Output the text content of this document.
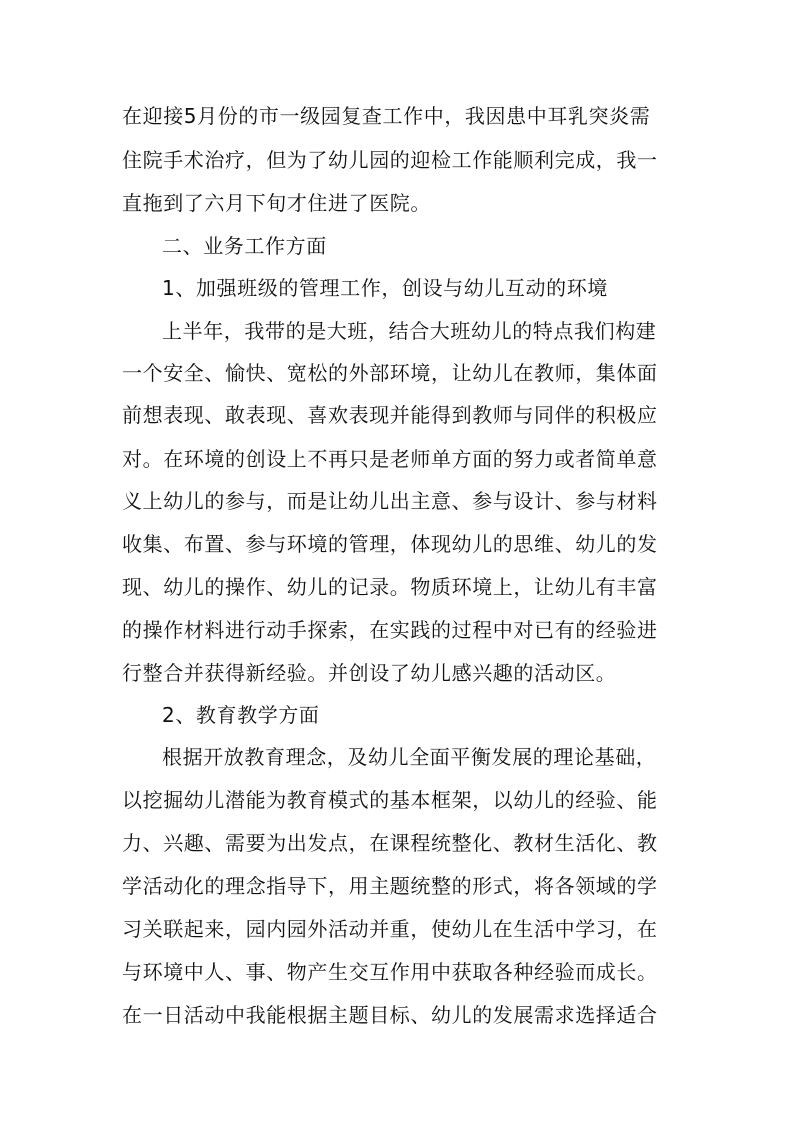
在迎接5月份的市一级园复查工作中，我因患中耳乳突炎需
住院手术治疗，但为了幼儿园的迎检工作能顺利完成，我一
直拖到了六月下旬才住进了医院。
二、业务工作方面
1、加强班级的管理工作，创设与幼儿互动的环境
上半年，我带的是大班，结合大班幼儿的特点我们构建
一个安全、愉快、宽松的外部环境，让幼儿在教师，集体面
前想表现、敢表现、喜欢表现并能得到教师与同伴的积极应
对。在环境的创设上不再只是老师单方面的努力或者简单意
义上幼儿的参与，而是让幼儿出主意、参与设计、参与材料
收集、布置、参与环境的管理，体现幼儿的思维、幼儿的发
现、幼儿的操作、幼儿的记录。物质环境上，让幼儿有丰富
的操作材料进行动手探索，在实践的过程中对已有的经验进
行整合并获得新经验。并创设了幼儿感兴趣的活动区。
2、教育教学方面
根据开放教育理念，及幼儿全面平衡发展的理论基础，
以挖掘幼儿潜能为教育模式的基本框架，以幼儿的经验、能
力、兴趣、需要为出发点，在课程统整化、教材生活化、教
学活动化的理念指导下，用主题统整的形式，将各领域的学
习关联起来，园内园外活动并重，使幼儿在生活中学习，在
与环境中人、事、物产生交互作用中获取各种经验而成长。
在一日活动中我能根据主题目标、幼儿的发展需求选择适合
